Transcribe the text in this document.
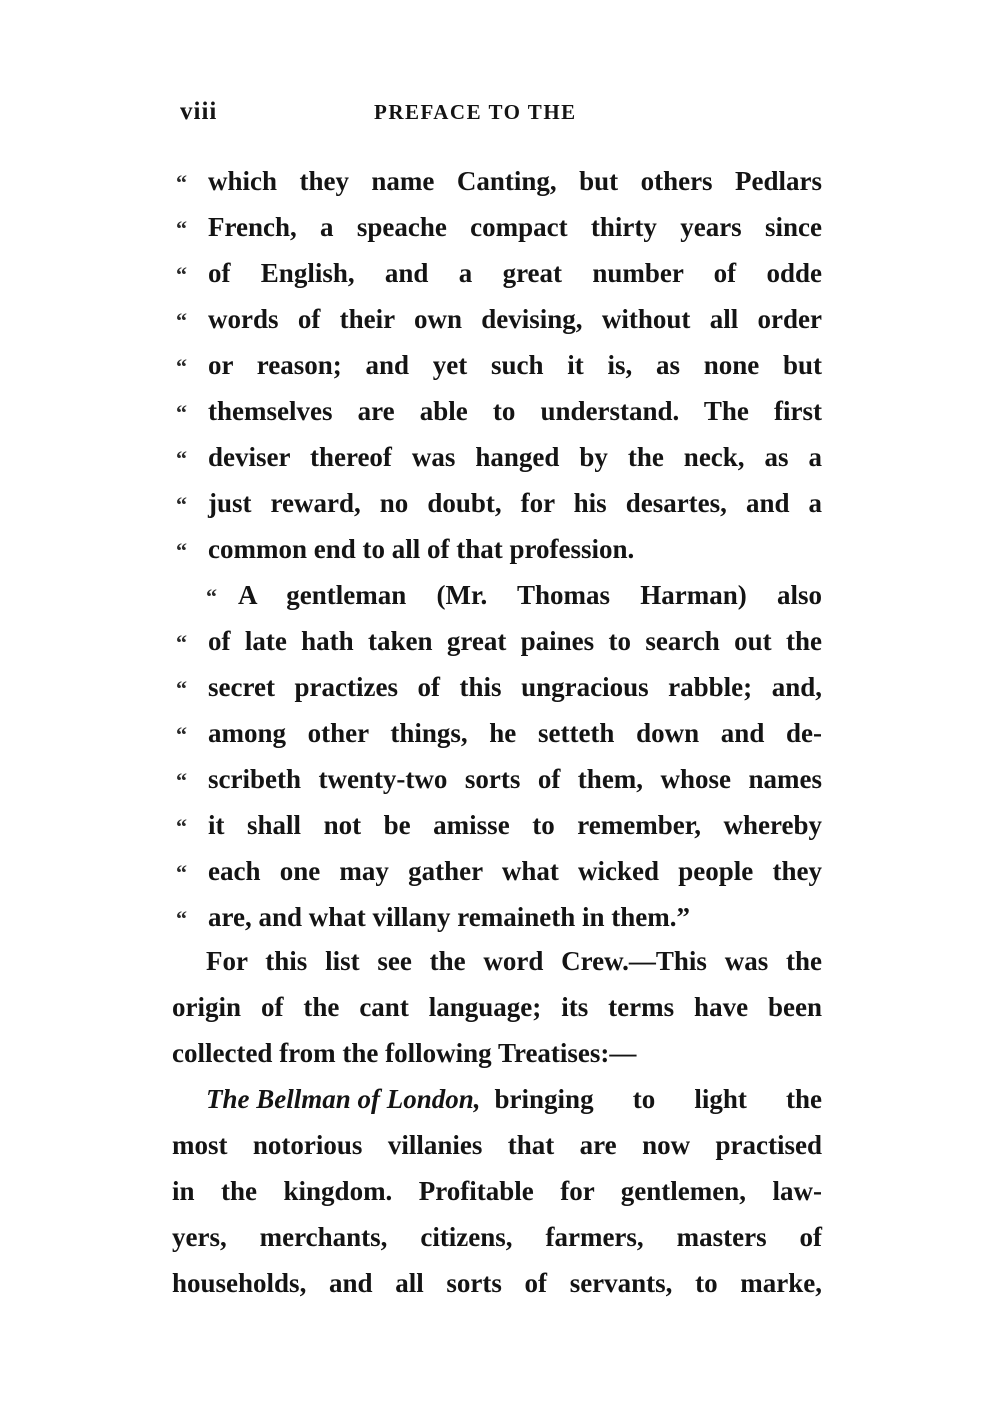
viii	PREFACE TO THE
“ which they name Canting, but others Pedlars
“ French, a speache compact thirty years since
“ of English, and a great number of odde
“ words of their own devising, without all order
“ or reason; and yet such it is, as none but
“ themselves are able to understand. The first
“ deviser thereof was hanged by the neck, as a
“ just reward, no doubt, for his desartes, and a
“ common end to all of that profession.
“ A gentleman (Mr. Thomas Harman) also
“ of late hath taken great paines to search out the
“ secret practizes of this ungracious rabble; and,
“ among other things, he setteth down and de-
“ scribeth twenty-two sorts of them, whose names
“ it shall not be amisse to remember, whereby
“ each one may gather what wicked people they
“ are, and what villany remaineth in them.”
For this list see the word Crew.—This was the
origin of the cant language; its terms have been
collected from the following Treatises:—
The Bellman of London, bringing to light the
most notorious villanies that are now practised
in the kingdom. Profitable for gentlemen, law-
yers, merchants, citizens, farmers, masters of
households, and all sorts of servants, to marke,
